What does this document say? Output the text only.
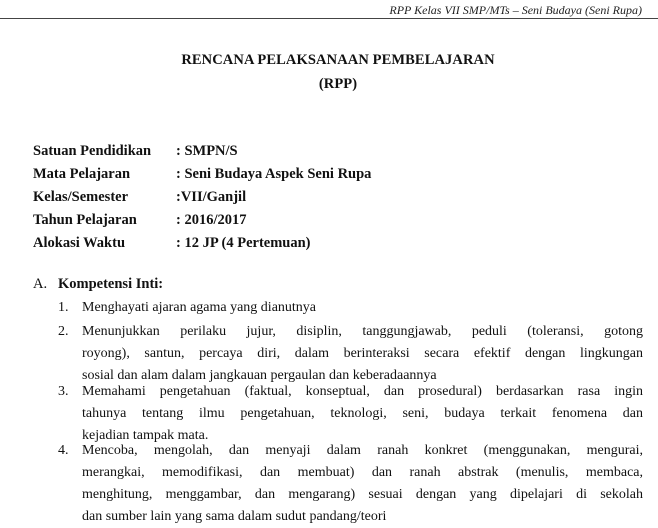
RPP Kelas VII SMP/MTs – Seni Budaya (Seni Rupa)
RENCANA PELAKSANAAN PEMBELAJARAN
(RPP)
Satuan Pendidikan : SMPN/S
Mata Pelajaran	: Seni Budaya Aspek Seni Rupa
Kelas/Semester	:VII/Ganjil
Tahun Pelajaran	: 2016/2017
Alokasi Waktu	: 12 JP (4 Pertemuan)
A. Kompetensi Inti:
1. Menghayati ajaran agama yang dianutnya
2. Menunjukkan perilaku jujur, disiplin, tanggungjawab, peduli (toleransi, gotong
royong), santun, percaya diri, dalam berinteraksi secara efektif dengan lingkungan
sosial dan alam dalam jangkauan pergaulan dan keberadaannya
3. Memahami pengetahuan (faktual, konseptual, dan prosedural) berdasarkan rasa ingin
tahunya tentang ilmu pengetahuan, teknologi, seni, budaya terkait fenomena dan
kejadian tampak mata.
4. Mencoba, mengolah, dan menyaji dalam ranah konkret (menggunakan, mengurai,
merangkai, memodifikasi, dan membuat) dan ranah abstrak (menulis, membaca,
menghitung, menggambar, dan mengarang) sesuai dengan yang dipelajari di sekolah
dan sumber lain yang sama dalam sudut pandang/teori
